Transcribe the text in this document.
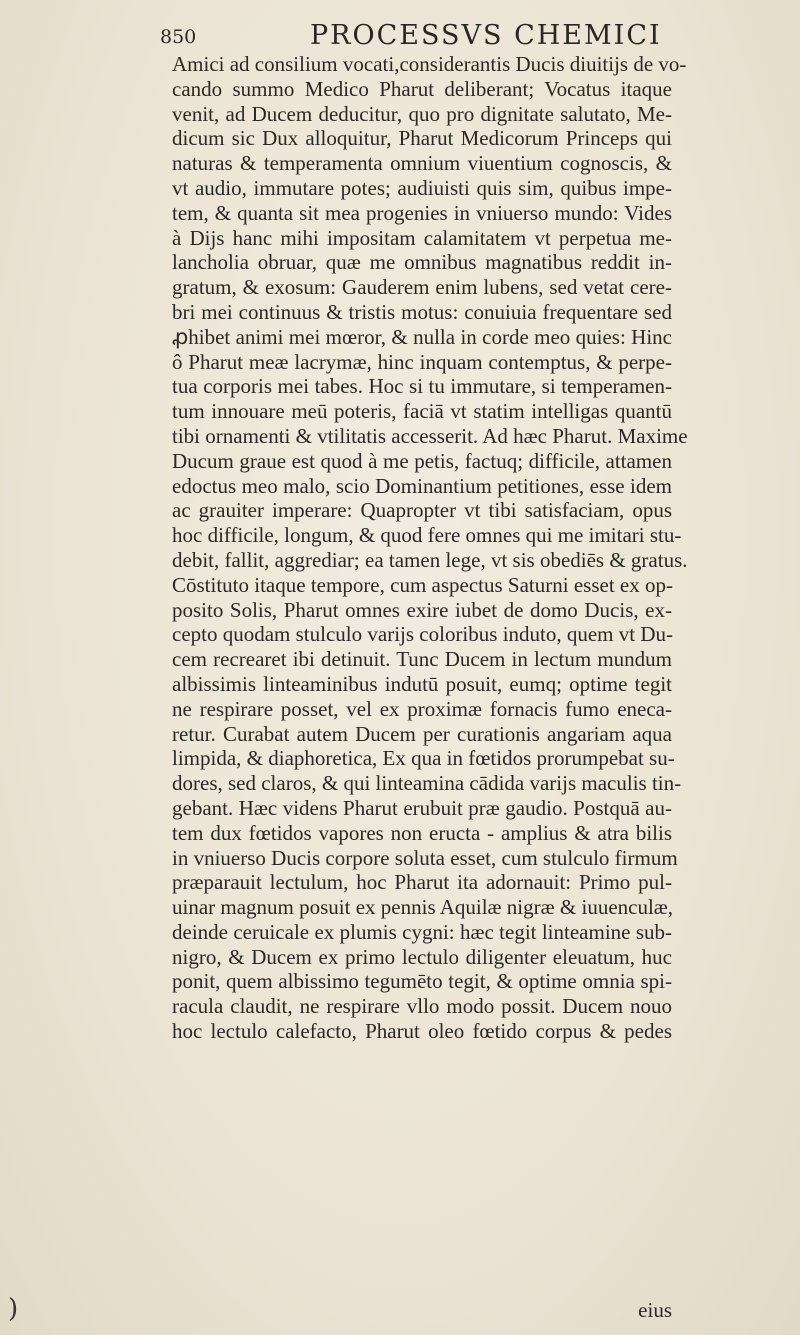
850	PROCESSVS CHEMICI
Amici ad consilium vocati,considerantis Ducis diuitijs de vo-
cando summo Medico Pharut deliberant; Vocatus itaque
venit, ad Ducem deducitur, quo pro dignitate salutato, Me-
dicum sic Dux alloquitur, Pharut Medicorum Princeps qui
naturas & temperamenta omnium viuentium cognoscis, &
vt audio, immutare potes; audiuisti quis sim, quibus impe-
tem, & quanta sit mea progenies in vniuerso mundo: Vides
à Dijs hanc mihi impositam calamitatem vt perpetua me-
lancholia obruar, quæ me omnibus magnatibus reddit in-
gratum, & exosum: Gauderem enim lubens, sed vetat cere-
bri mei continuus & tristis motus: conuiuia frequentare sed
ꝓhibet animi mei mœror, & nulla in corde meo quies: Hinc
ô Pharut meæ lacrymæ, hinc inquam contemptus, & perpe-
tua corporis mei tabes. Hoc si tu immutare, si temperamen-
tum innouare meū poteris, faciā vt statim intelligas quantū
tibi ornamenti & vtilitatis accesserit. Ad hæc Pharut. Maxime
Ducum graue est quod à me petis, factuq; difficile, attamen
edoctus meo malo, scio Dominantium petitiones, esse idem
ac grauiter imperare: Quapropter vt tibi satisfaciam, opus
hoc difficile, longum, & quod fere omnes qui me imitari stu-
debit, fallit, aggrediar; ea tamen lege, vt sis obediēs & gratus.
Cōstituto itaque tempore, cum aspectus Saturni esset ex op-
posito Solis, Pharut omnes exire iubet de domo Ducis, ex-
cepto quodam stulculo varijs coloribus induto, quem vt Du-
cem recrearet ibi detinuit. Tunc Ducem in lectum mundum
albissimis linteaminibus indutū posuit, eumq; optime tegit
ne respirare posset, vel ex proximæ fornacis fumo eneca-
retur. Curabat autem Ducem per curationis angariam aqua
limpida, & diaphoretica, Ex qua in fœtidos prorumpebat su-
dores, sed claros, & qui linteamina cādida varijs maculis tin-
gebant. Hæc videns Pharut erubuit præ gaudio. Postquā au-
tem dux fœtidos vapores non eructa - amplius & atra bilis
in vniuerso Ducis corpore soluta esset, cum stulculo firmum
præparauit lectulum, hoc Pharut ita adornauit: Primo pul-
uinar magnum posuit ex pennis Aquilæ nigræ & iuuenculæ,
deinde ceruicale ex plumis cygni: hæc tegit linteamine sub-
nigro, & Ducem ex primo lectulo diligenter eleuatum, huc
ponit, quem albissimo tegumēto tegit, & optime omnia spi-
racula claudit, ne respirare vllo modo possit. Ducem nouo
hoc lectulo calefacto, Pharut oleo fœtido corpus & pedes
eius
)
